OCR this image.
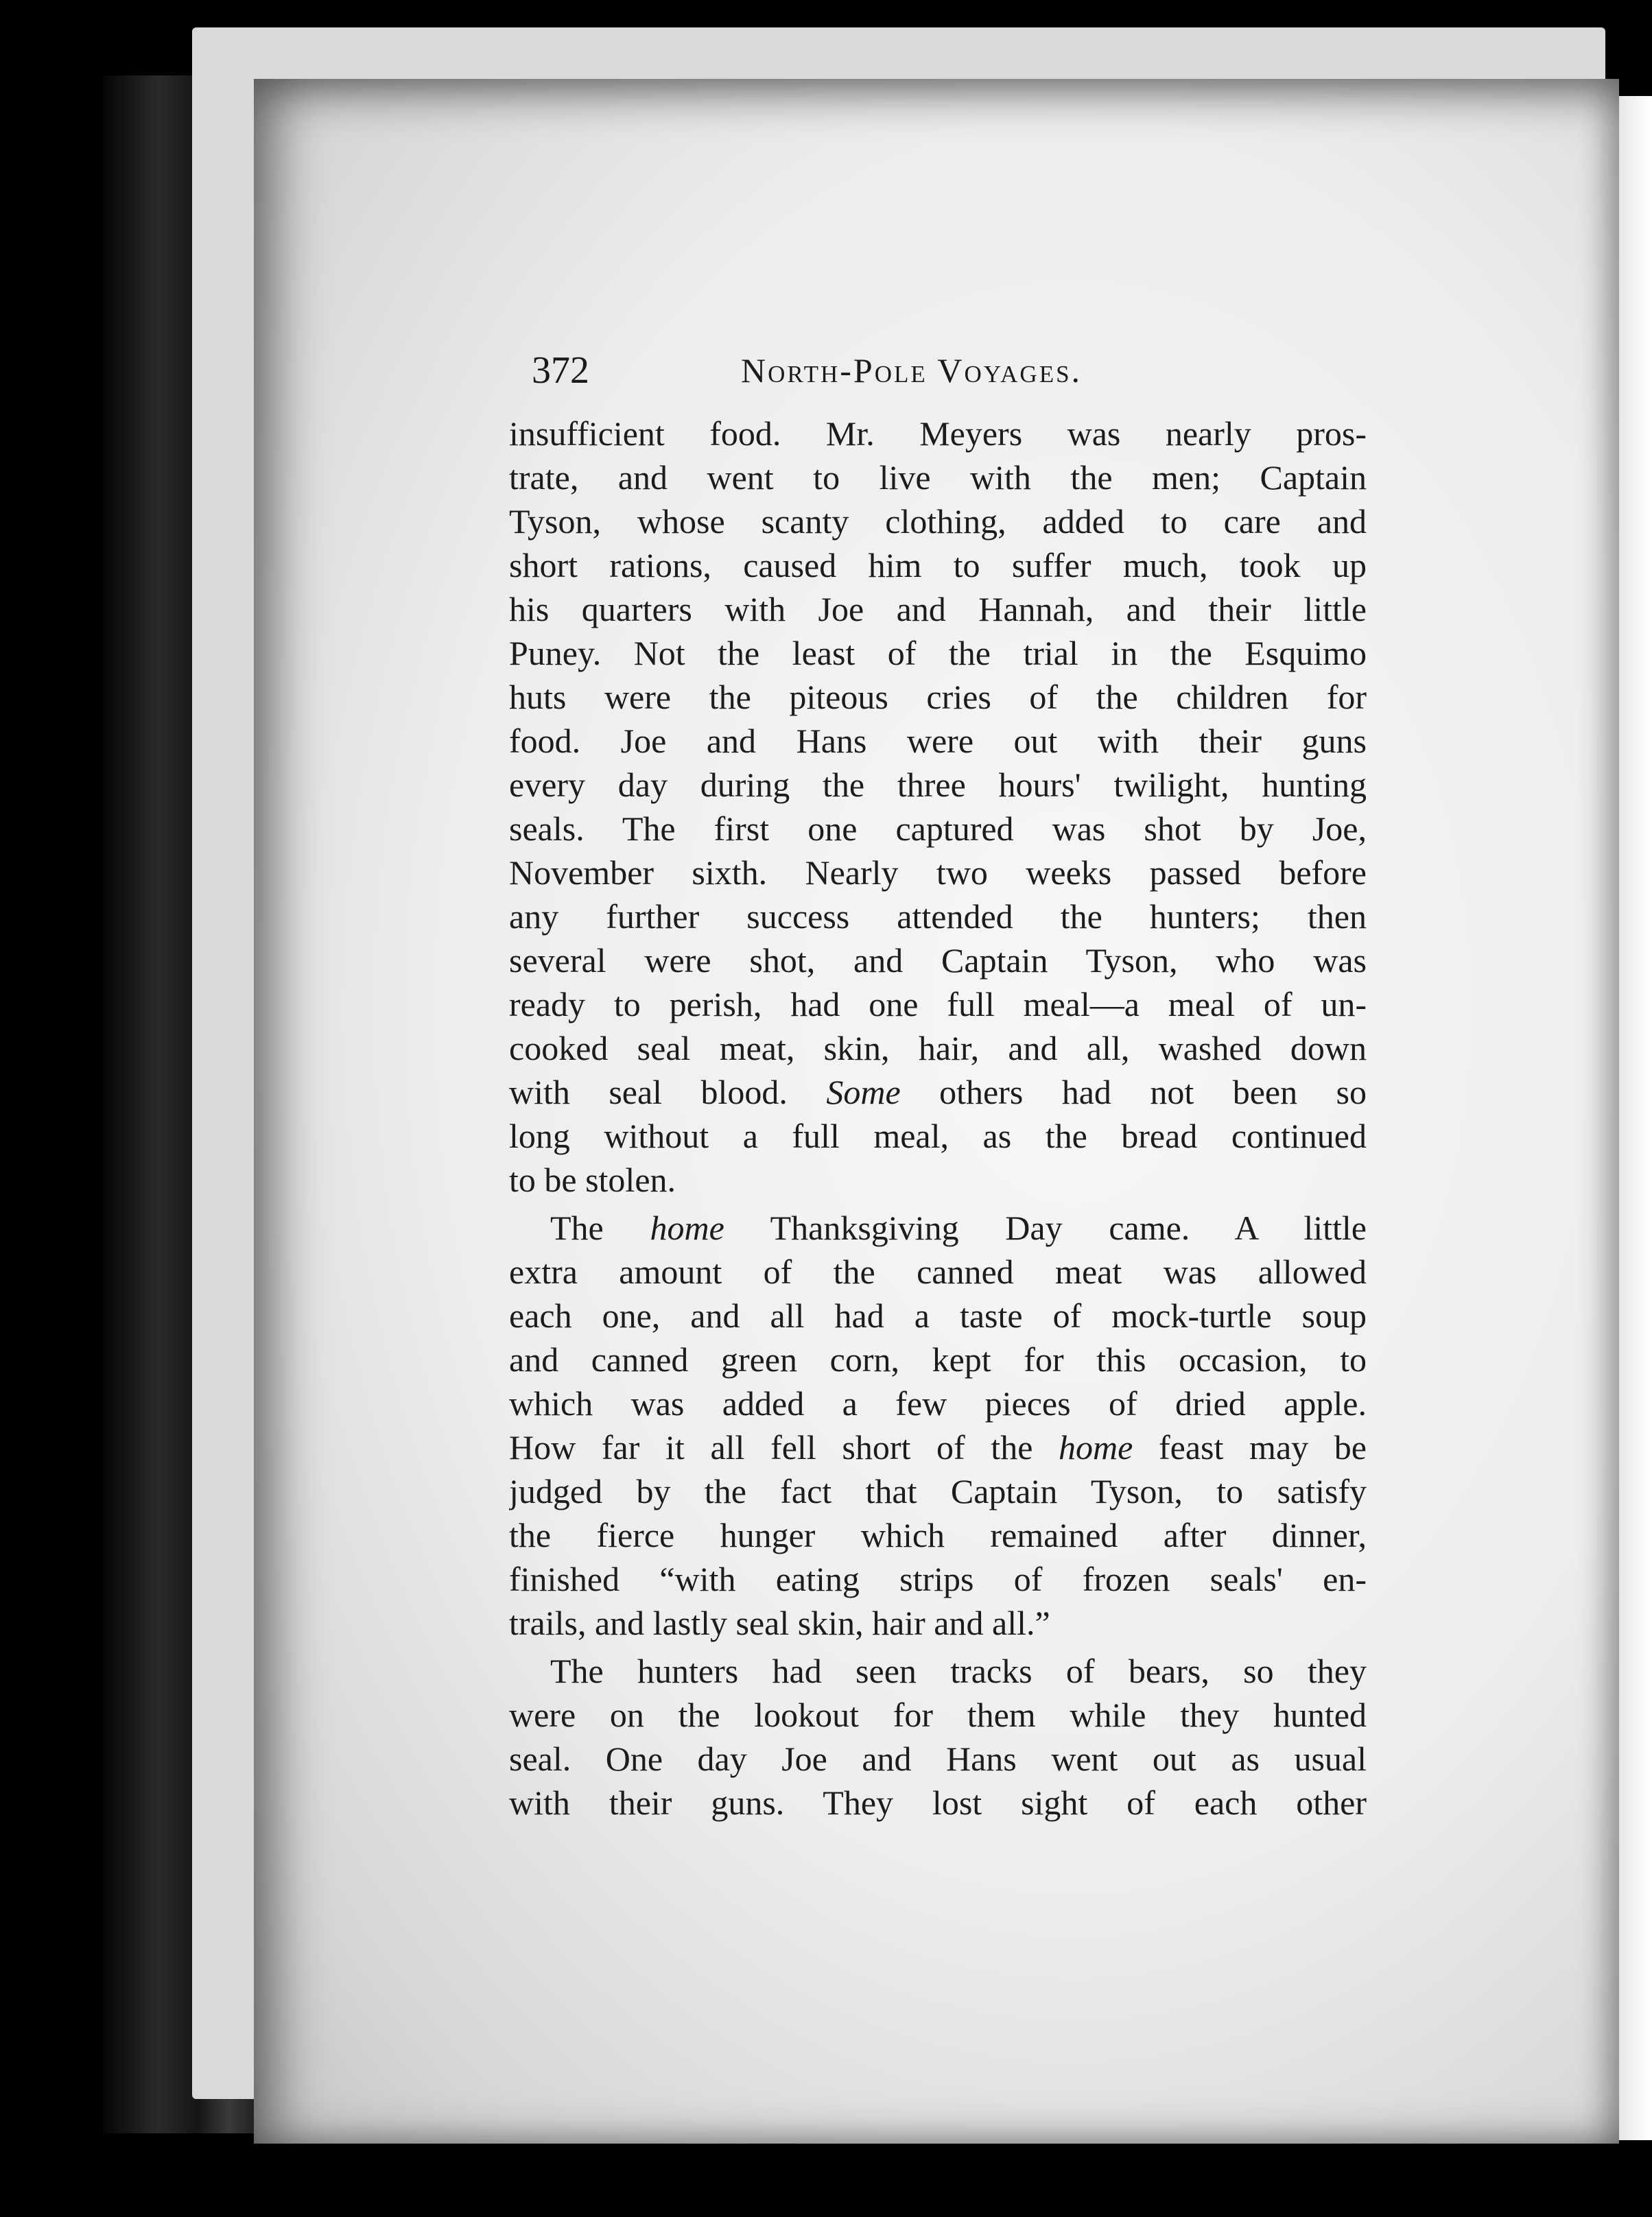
372	North-Pole Voyages.
insufficient food. Mr. Meyers was nearly pros-
trate, and went to live with the men; Captain
Tyson, whose scanty clothing, added to care and
short rations, caused him to suffer much, took up
his quarters with Joe and Hannah, and their little
Puney. Not the least of the trial in the Esquimo
huts were the piteous cries of the children for
food. Joe and Hans were out with their guns
every day during the three hours' twilight, hunting
seals. The first one captured was shot by Joe,
November sixth. Nearly two weeks passed before
any further success attended the hunters; then
several were shot, and Captain Tyson, who was
ready to perish, had one full meal—a meal of un-
cooked seal meat, skin, hair, and all, washed down
with seal blood. Some others had not been so
long without a full meal, as the bread continued
to be stolen.
The home Thanksgiving Day came. A little
extra amount of the canned meat was allowed
each one, and all had a taste of mock-turtle soup
and canned green corn, kept for this occasion, to
which was added a few pieces of dried apple.
How far it all fell short of the home feast may be
judged by the fact that Captain Tyson, to satisfy
the fierce hunger which remained after dinner,
finished “with eating strips of frozen seals' en-
trails, and lastly seal skin, hair and all.”
The hunters had seen tracks of bears, so they
were on the lookout for them while they hunted
seal. One day Joe and Hans went out as usual
with their guns. They lost sight of each other
